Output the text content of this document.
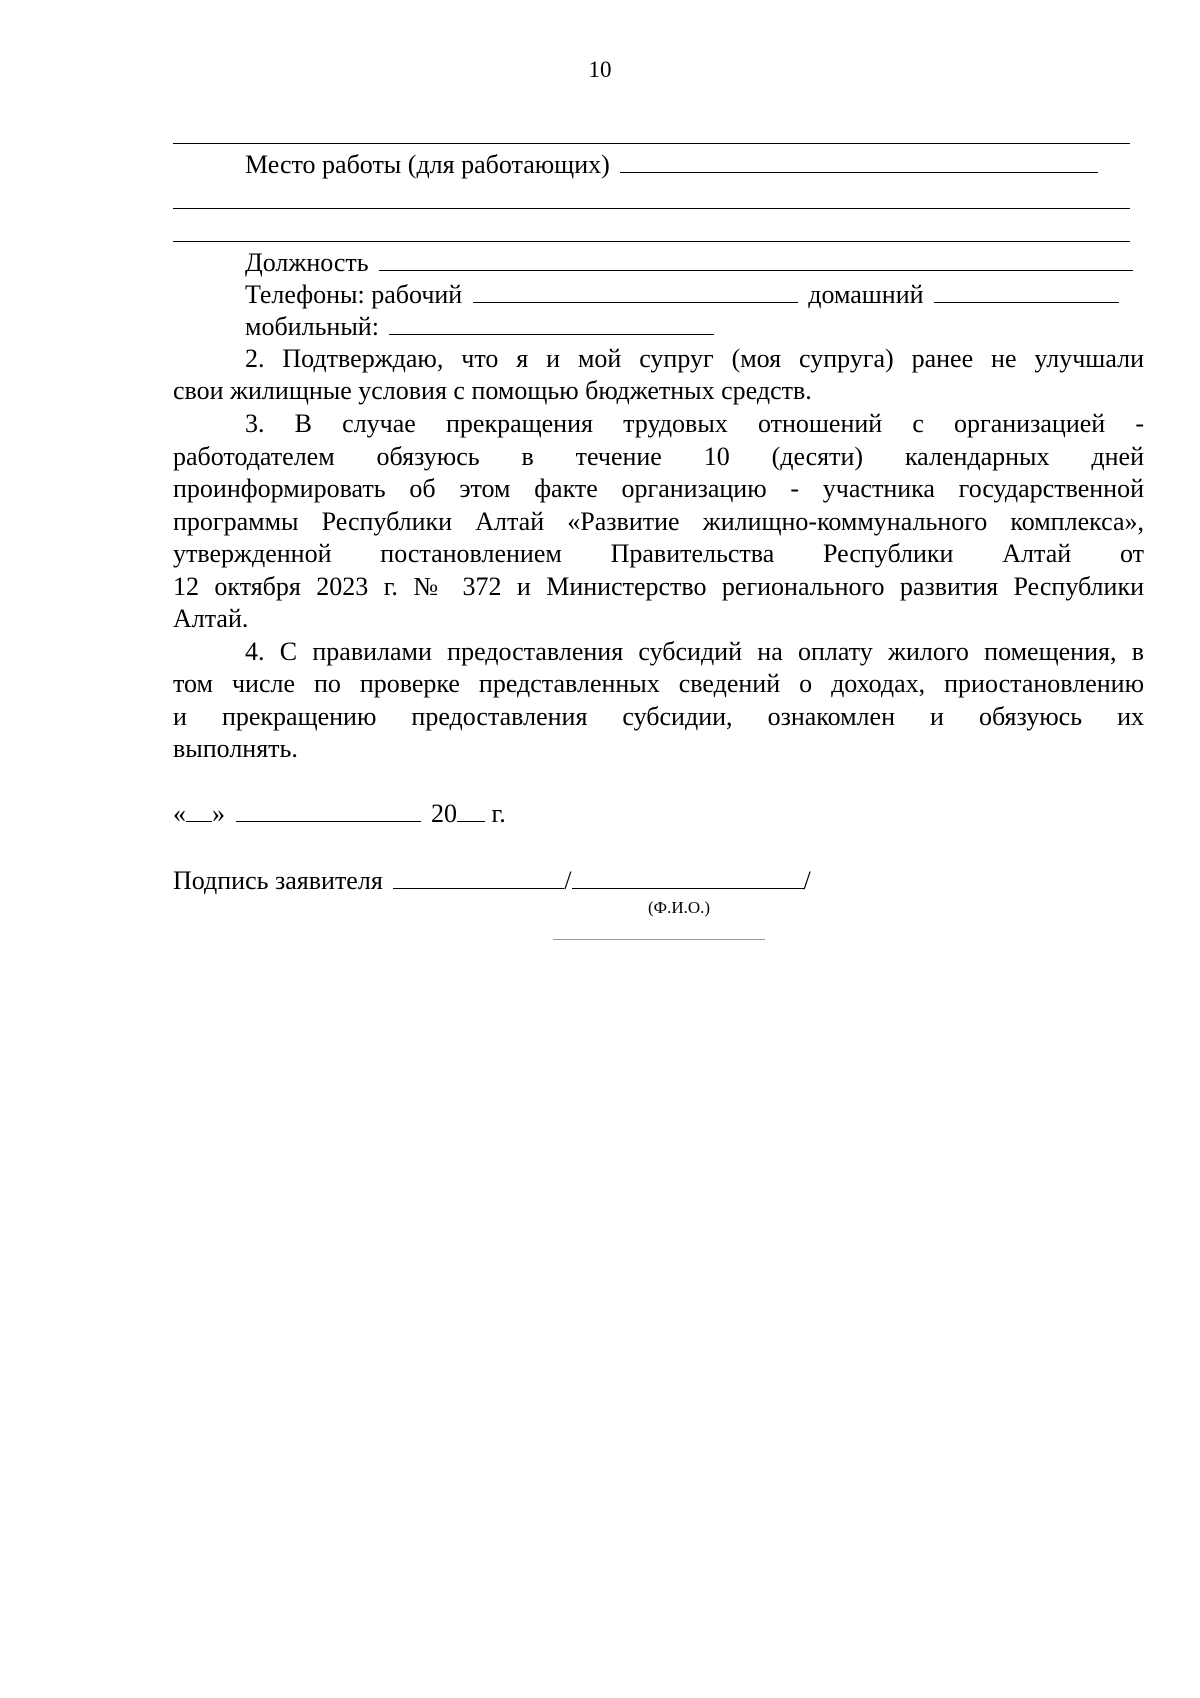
10
Место работы (для работающих)
Должность
Телефоны: рабочий	домашний
мобильный:
2. Подтверждаю, что я и мой супруг (моя супруга) ранее не улучшали
свои жилищные условия с помощью бюджетных средств.
3. В случае прекращения трудовых отношений с организацией -
работодателем обязуюсь в течение 10 (десяти) календарных дней
проинформировать об этом факте организацию - участника государственной
программы Республики Алтай «Развитие жилищно-коммунального комплекса»,
утвержденной постановлением Правительства Республики Алтай от
12 октября 2023 г. № 372 и Министерство регионального развития Республики
Алтай.
4. С правилами предоставления субсидий на оплату жилого помещения, в
том числе по проверке представленных сведений о доходах, приостановлению
и прекращению предоставления субсидии, ознакомлен и обязуюсь их
выполнять.
« »	20 г.
Подпись заявителя	/	/
(Ф.И.О.)
